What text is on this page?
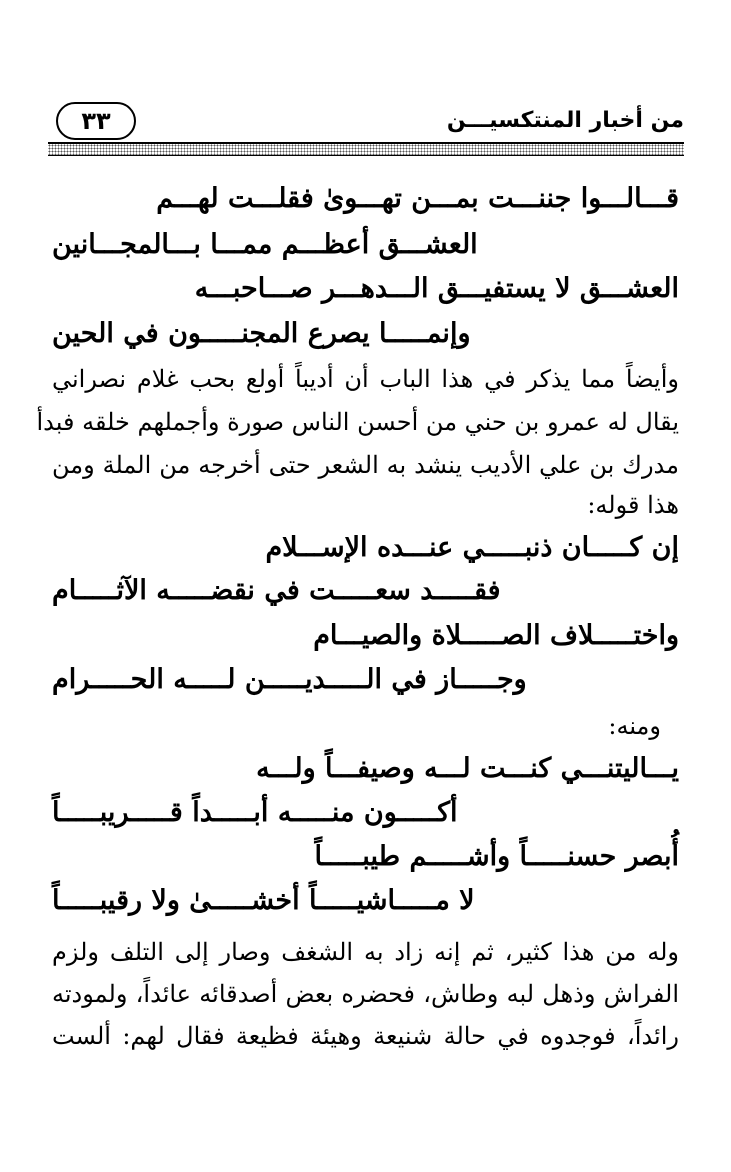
٣٣	من أخبار المنتكسيـــن
قـــالـــوا جننـــت بمـــن تهـــوىٰ فقلـــت لهـــم
العشـــق أعظـــم ممـــا بـــالمجـــانين
العشـــق لا يستفيـــق الـــدهـــر صـــاحبـــه
وإنمـــــا يصرع المجنـــــون في الحين
وأيضاً مما يذكر في هذا الباب أن أديباً أولع بحب غلام نصراني
يقال له عمرو بن حني من أحسن الناس صورة وأجملهم خلقه فبدأ
مدرك بن علي الأديب ينشد به الشعر حتى أخرجه من الملة ومن
هذا قوله:
إن كـــــان ذنبـــــي عنـــده الإســـلام
فقـــــد سعـــــت في نقضـــــه الآثـــــام
واختـــــلاف الصـــــلاة والصيـــام
وجـــــاز في الـــــديـــــن لـــــه الحـــــرام
ومنه:
يـــاليتنـــي كنـــت لـــه وصيفـــاً ولـــه
أكـــــون منـــــه أبـــــداً قـــــريبـــــاً
أُبصر حسنـــــاً وأشـــــم طيبـــــاً
لا مـــــاشيـــــاً أخشـــــىٰ ولا رقيبـــــاً
وله من هذا كثير، ثم إنه زاد به الشغف وصار إلى التلف ولزم
الفراش وذهل لبه وطاش، فحضره بعض أصدقائه عائداً، ولمودته
رائداً، فوجدوه في حالة شنيعة وهيئة فظيعة فقال لهم: ألست
